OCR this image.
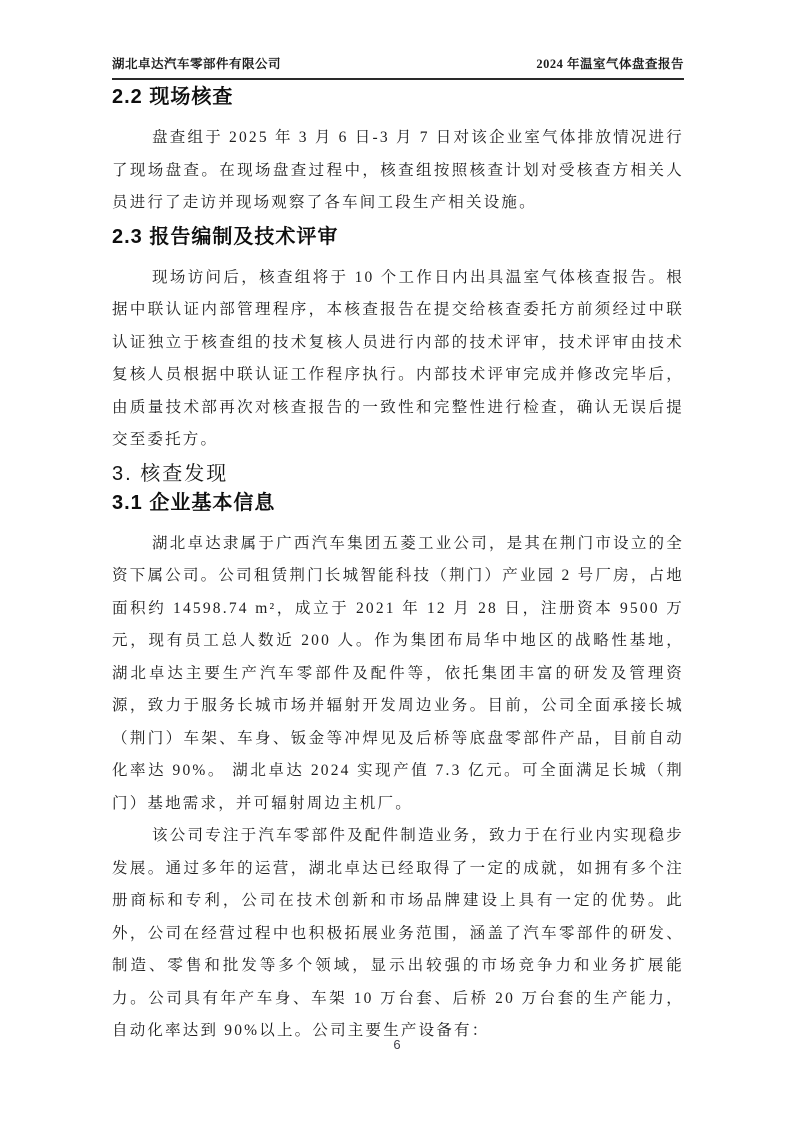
湖北卓达汽车零部件有限公司	2024 年温室气体盘查报告
2.2 现场核查

盘查组于 2025 年 3 月 6 日-3 月 7 日对该企业室气体排放情况进行了现场盘查。在现场盘查过程中，核查组按照核查计划对受核查方相关人员进行了走访并现场观察了各车间工段生产相关设施。

2.3 报告编制及技术评审

现场访问后，核查组将于 10 个工作日内出具温室气体核查报告。根据中联认证内部管理程序，本核查报告在提交给核查委托方前须经过中联认证独立于核查组的技术复核人员进行内部的技术评审，技术评审由技术复核人员根据中联认证工作程序执行。内部技术评审完成并修改完毕后，由质量技术部再次对核查报告的一致性和完整性进行检查，确认无误后提交至委托方。

3. 核查发现
3.1 企业基本信息

湖北卓达隶属于广西汽车集团五菱工业公司，是其在荆门市设立的全资下属公司。公司租赁荆门长城智能科技（荆门）产业园 2 号厂房，占地面积约 14598.74 m²，成立于 2021 年 12 月 28 日，注册资本 9500 万元，现有员工总人数近 200 人。作为集团布局华中地区的战略性基地，湖北卓达主要生产汽车零部件及配件等，依托集团丰富的研发及管理资源，致力于服务长城市场并辐射开发周边业务。目前，公司全面承接长城（荆门）车架、车身、钣金等冲焊见及后桥等底盘零部件产品，目前自动化率达 90%。 湖北卓达 2024 实现产值 7.3 亿元。可全面满足长城（荆门）基地需求，并可辐射周边主机厂。

该公司专注于汽车零部件及配件制造业务，致力于在行业内实现稳步发展。通过多年的运营，湖北卓达已经取得了一定的成就，如拥有多个注册商标和专利，公司在技术创新和市场品牌建设上具有一定的优势。此外，公司在经营过程中也积极拓展业务范围，涵盖了汽车零部件的研发、制造、零售和批发等多个领域，显示出较强的市场竞争力和业务扩展能力。公司具有年产车身、车架 10 万台套、后桥 20 万台套的生产能力，自动化率达到 90%以上。公司主要生产设备有：

6
